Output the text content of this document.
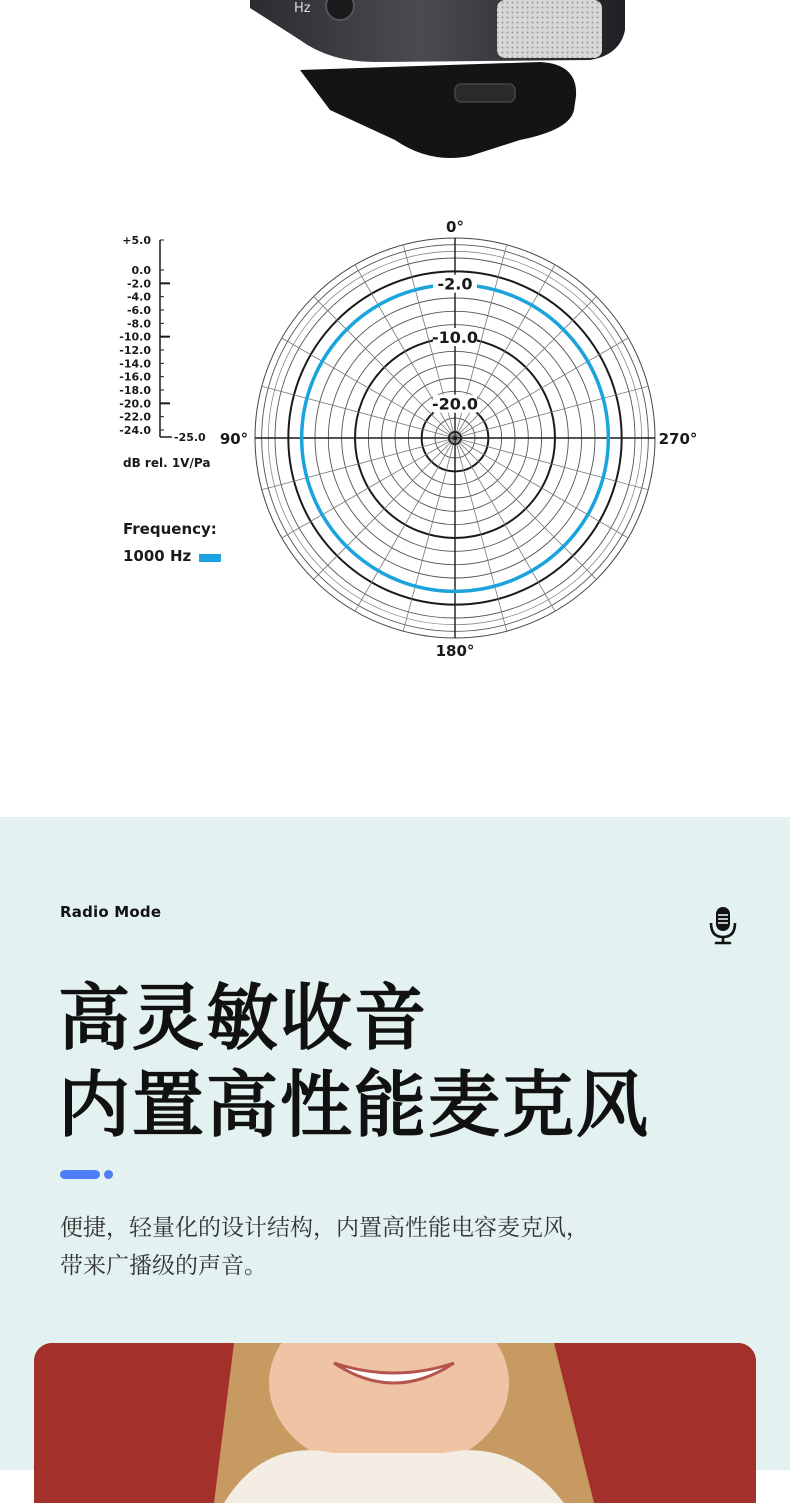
Hz
0°
90°
180°
270°
-2.0
-10.0
-20.0
+5.0
0.0
-2.0
-4.0
-6.0
-8.0
-10.0
-12.0
-14.0
-16.0
-18.0
-20.0
-22.0
-24.0
-25.0
dB rel. 1V/Pa
Frequency:
1000 Hz
Radio Mode
高灵敏收音
内置高性能麦克风

便捷，轻量化的设计结构，内置高性能电容麦克风，

带来广播级的声音。
